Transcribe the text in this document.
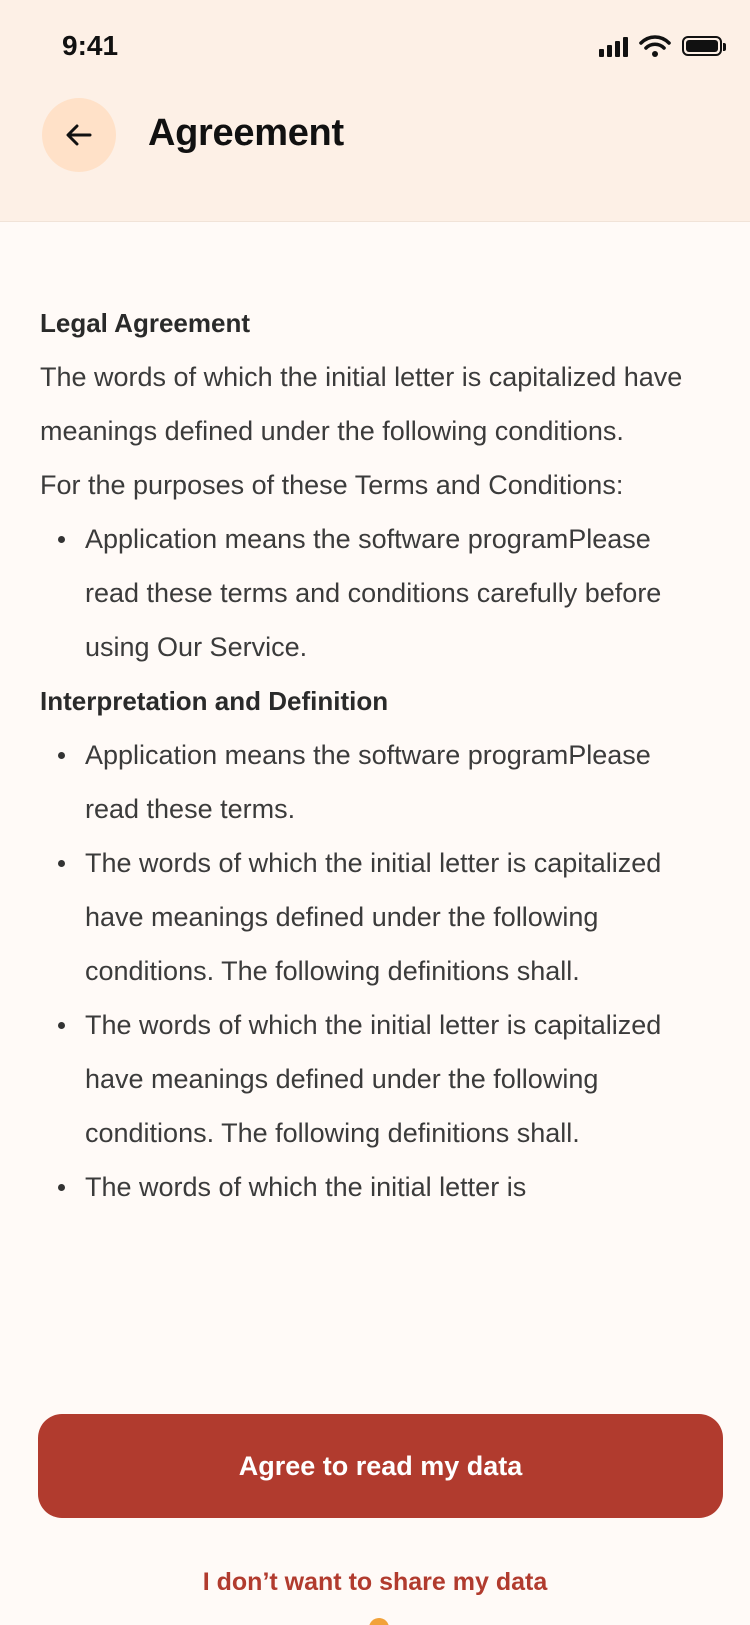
9:41
Agreement
Legal Agreement

The words of which the initial letter is capitalized have meanings defined under the following conditions.

For the purposes of these Terms and Conditions:

Application means the software programPlease read these terms and conditions carefully before using Our Service.
Interpretation and Definition
Application means the software programPlease read these terms.
The words of which the initial letter is capitalized have meanings defined under the following conditions. The following definitions shall.
The words of which the initial letter is capitalized have meanings defined under the following conditions. The following definitions shall.
The words of which the initial letter is
Agree to read my data
I don’t want to share my data
